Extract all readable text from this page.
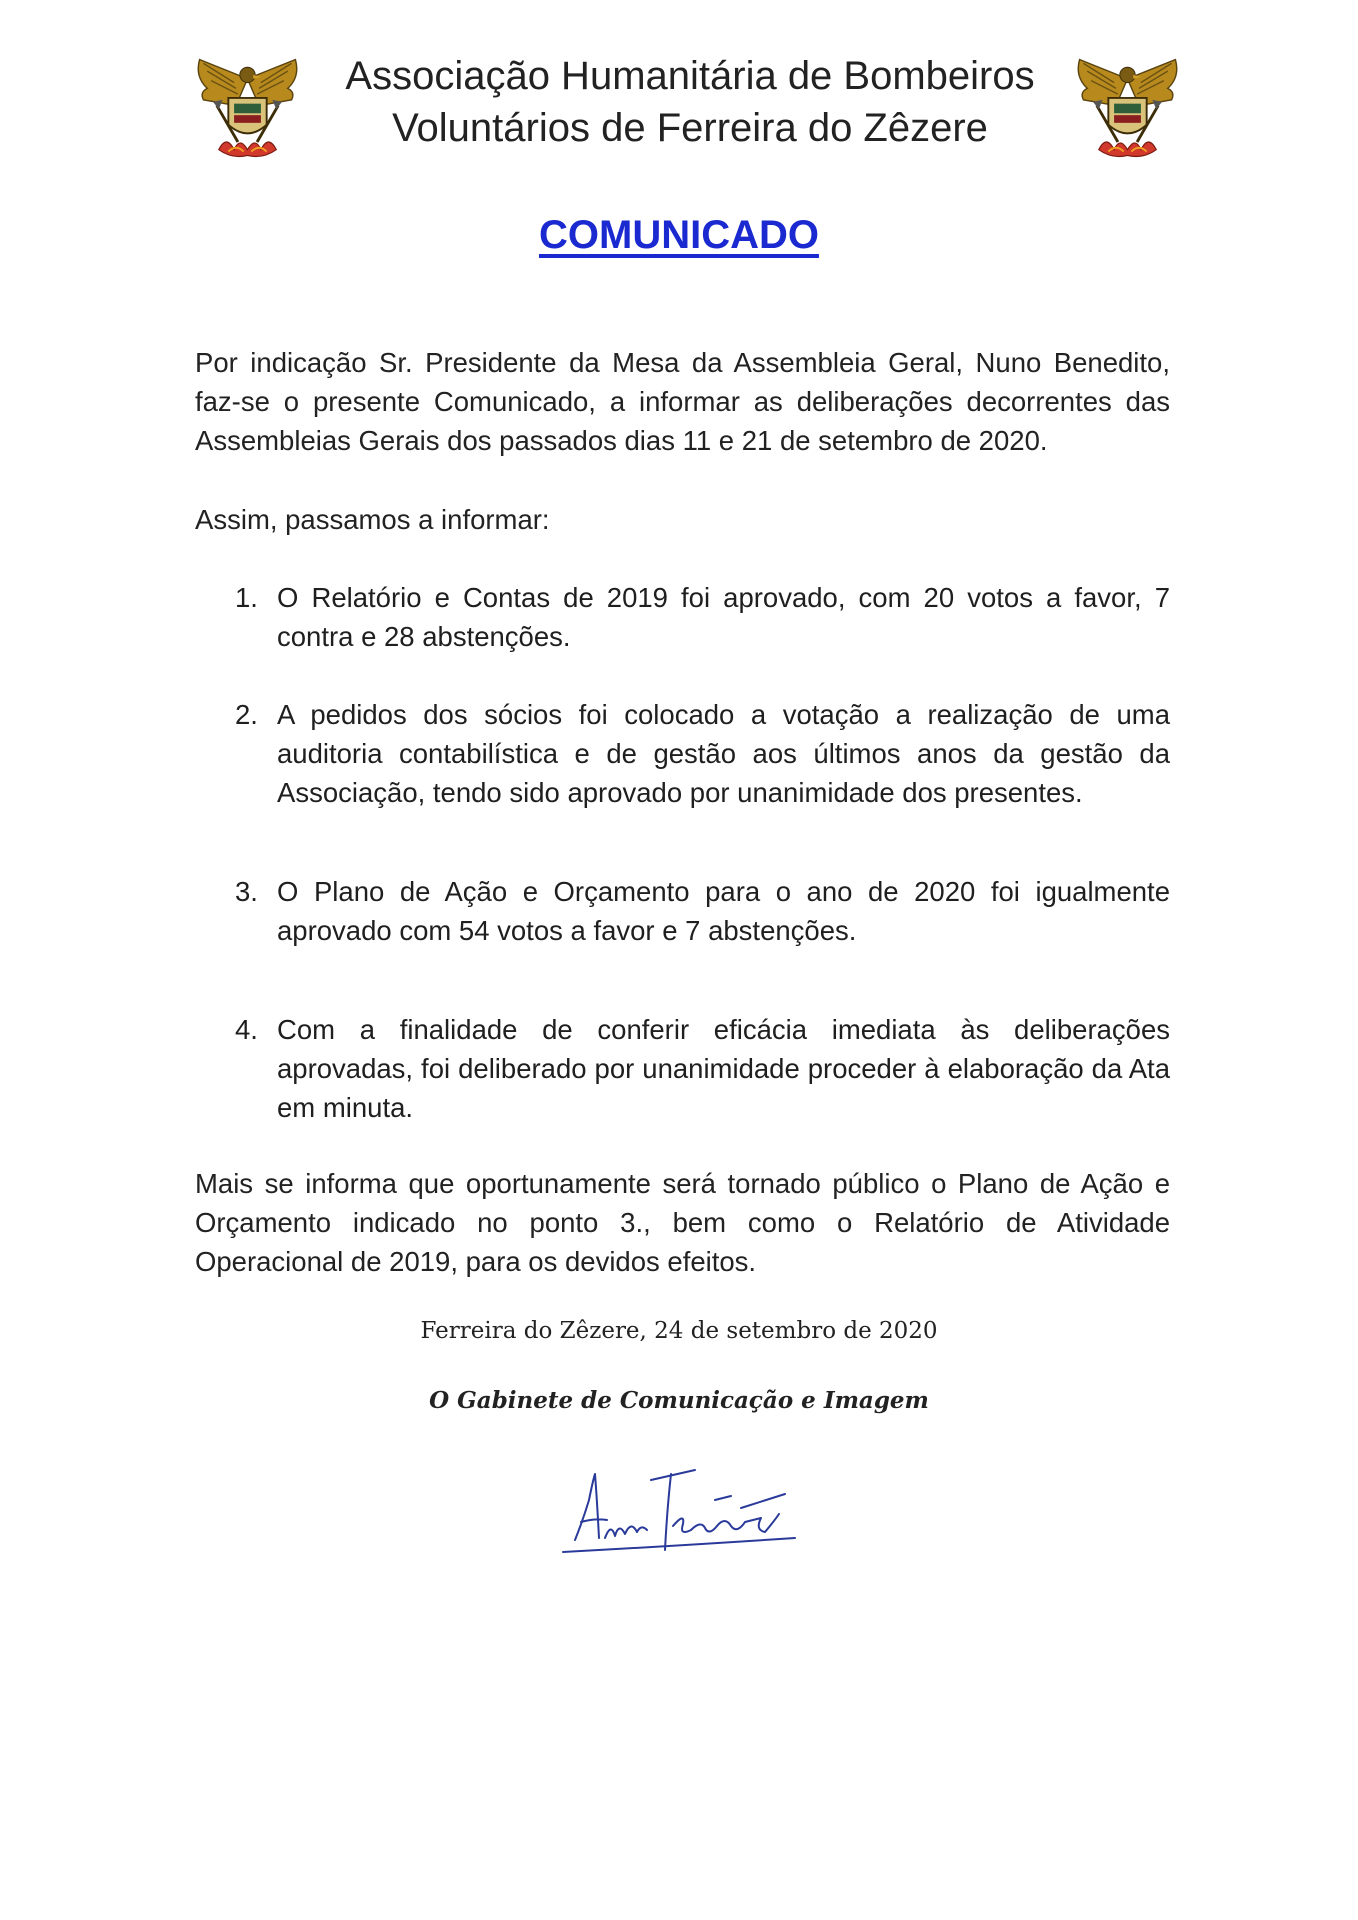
Associação Humanitária de Bombeiros
Voluntários de Ferreira do Zêzere
COMUNICADO

Por indicação Sr. Presidente da Mesa da Assembleia Geral, Nuno Benedito, faz-se o presente Comunicado, a informar as deliberações decorrentes das Assembleias Gerais dos passados dias 11 e 21 de setembro de 2020.

Assim, passamos a informar:

1. O Relatório e Contas de 2019 foi aprovado, com 20 votos a favor, 7 contra e 28 abstenções.
2. A pedidos dos sócios foi colocado a votação a realização de uma auditoria contabilística e de gestão aos últimos anos da gestão da Associação, tendo sido aprovado por unanimidade dos presentes.
3. O Plano de Ação e Orçamento para o ano de 2020 foi igualmente aprovado com 54 votos a favor e 7 abstenções.
4. Com a finalidade de conferir eficácia imediata às deliberações aprovadas, foi deliberado por unanimidade proceder à elaboração da Ata em minuta.

Mais se informa que oportunamente será tornado público o Plano de Ação e Orçamento indicado no ponto 3., bem como o Relatório de Atividade Operacional de 2019, para os devidos efeitos.

Ferreira do Zêzere, 24 de setembro de 2020
O Gabinete de Comunicação e Imagem
